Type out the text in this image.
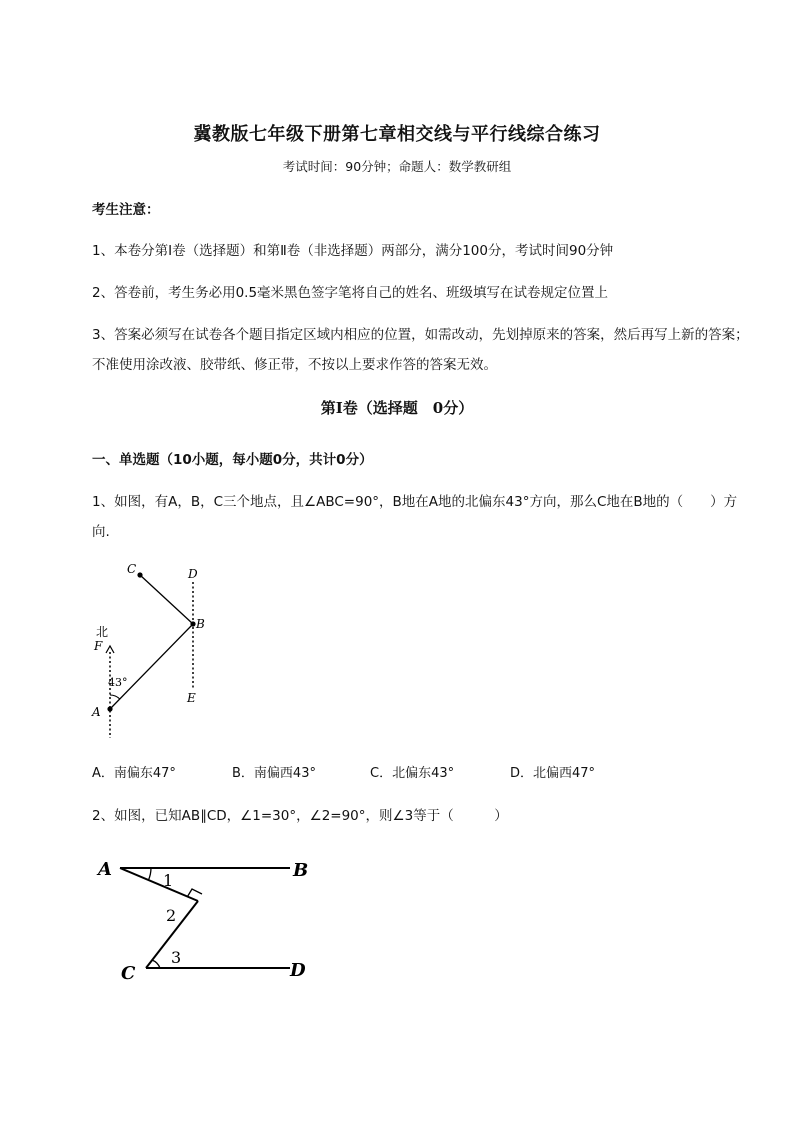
冀教版七年级下册第七章相交线与平行线综合练习
考试时间：90分钟；命题人：数学教研组
考生注意：
1、本卷分第Ⅰ卷（选择题）和第Ⅱ卷（非选择题）两部分，满分100分，考试时间90分钟
2、答卷前，考生务必用0.5毫米黑色签字笔将自己的姓名、班级填写在试卷规定位置上
3、答案必须写在试卷各个题目指定区域内相应的位置，如需改动，先划掉原来的答案，然后再写上新的答案；不准使用涂改液、胶带纸、修正带，不按以上要求作答的答案无效。
第Ⅰ卷（选择题　0分）
一、单选题（10小题，每小题0分，共计0分）
1、如图，有A，B，C三个地点，且∠ABC=90°，B地在A地的北偏东43°方向，那么C地在B地的（　　）方向.
C	D
B
北
F
43°
A
E
A．南偏东47°	B．南偏西43°	C．北偏东43°	D．北偏西47°
2、如图，已知AB∥CD，∠1=30°，∠2=90°，则∠3等于（　　　）
A	B
C	D
1
2
3
